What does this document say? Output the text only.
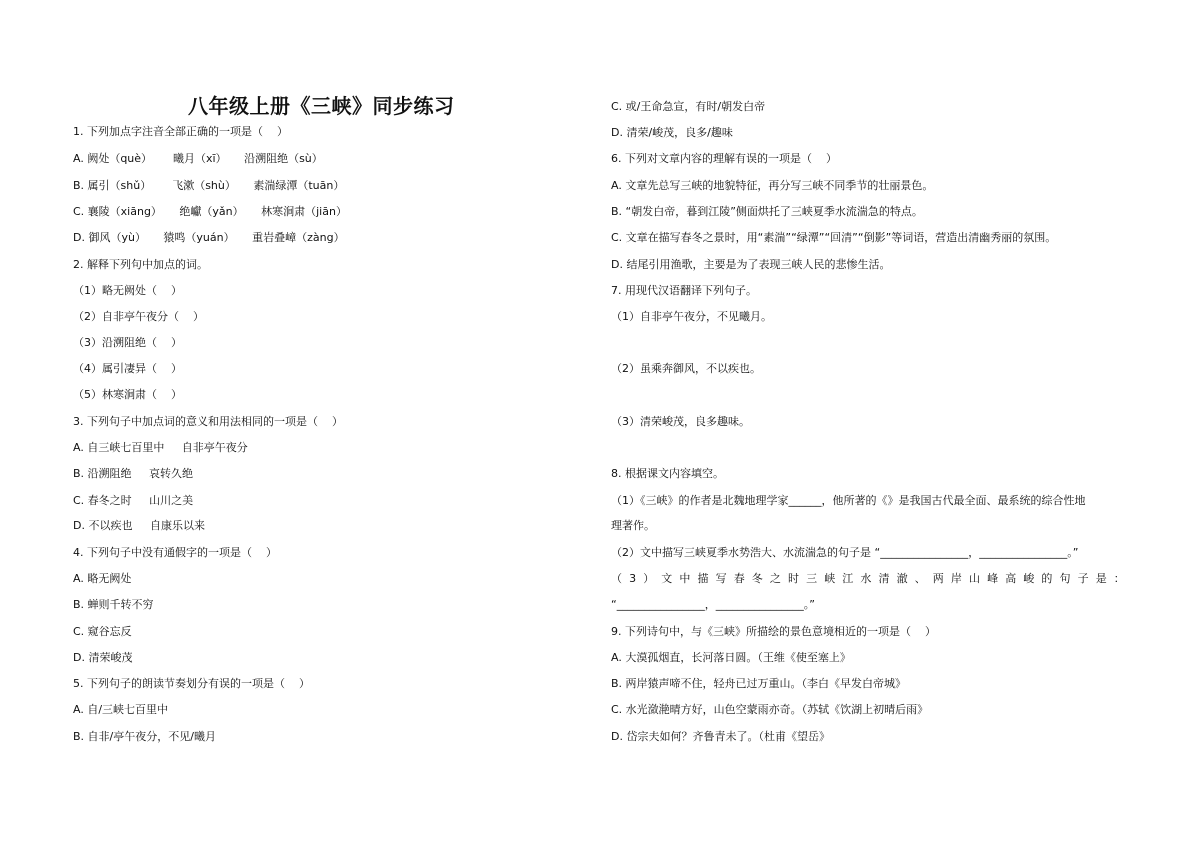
八年级上册《三峡》同步练习
1. 下列加点字注音全部正确的一项是（    ）
A. 阙处（què）      曦月（xī）     沿溯阻绝（sù）
B. 属引（shǔ）      飞漱（shù）     素湍绿潭（tuān）
C. 襄陵（xiāng）     绝巘（yǎn）     林寒涧肃（jiān）
D. 御风（yù）     猿鸣（yuán）     重岩叠嶂（zàng）
2. 解释下列句中加点的词。
（1）略无阙处（    ）
（2）自非亭午夜分（    ）
（3）沿溯阻绝（    ）
（4）属引凄异（    ）
（5）林寒涧肃（    ）
3. 下列句子中加点词的意义和用法相同的一项是（    ）
A. 自三峡七百里中     自非亭午夜分
B. 沿溯阻绝     哀转久绝
C. 春冬之时     山川之美
D. 不以疾也     自康乐以来
4. 下列句子中没有通假字的一项是（    ）
A. 略无阙处
B. 蝉则千转不穷
C. 窥谷忘反
D. 清荣峻茂
5. 下列句子的朗读节奏划分有误的一项是（    ）
A. 自/三峡七百里中
B. 自非/亭午夜分，不见/曦月
C. 或/王命急宣，有时/朝发白帝
D. 清荣/峻茂，良多/趣味
6. 下列对文章内容的理解有误的一项是（    ）
A. 文章先总写三峡的地貌特征，再分写三峡不同季节的壮丽景色。
B. “朝发白帝，暮到江陵”侧面烘托了三峡夏季水流湍急的特点。
C. 文章在描写春冬之景时，用“素湍”“绿潭”“回清”“倒影”等词语，营造出清幽秀丽的氛围。
D. 结尾引用渔歌，主要是为了表现三峡人民的悲惨生活。
7. 用现代汉语翻译下列句子。
（1）自非亭午夜分，不见曦月。
（2）虽乘奔御风，不以疾也。
（3）清荣峻茂，良多趣味。
8. 根据课文内容填空。
（1）《三峡》的作者是北魏地理学家______，他所著的《》是我国古代最全面、最系统的综合性地
理著作。
（2）文中描写三峡夏季水势浩大、水流湍急的句子是 “________________，________________。”
（3）文中描写春冬之时三峡江水清澈、两岸山峰高峻的句子是：
“________________，________________。”
9. 下列诗句中，与《三峡》所描绘的景色意境相近的一项是（    ）
A. 大漠孤烟直，长河落日圆。（王维《使至塞上》
B. 两岸猿声啼不住，轻舟已过万重山。（李白《早发白帝城》
C. 水光潋滟晴方好，山色空蒙雨亦奇。（苏轼《饮湖上初晴后雨》
D. 岱宗夫如何？齐鲁青未了。（杜甫《望岳》
